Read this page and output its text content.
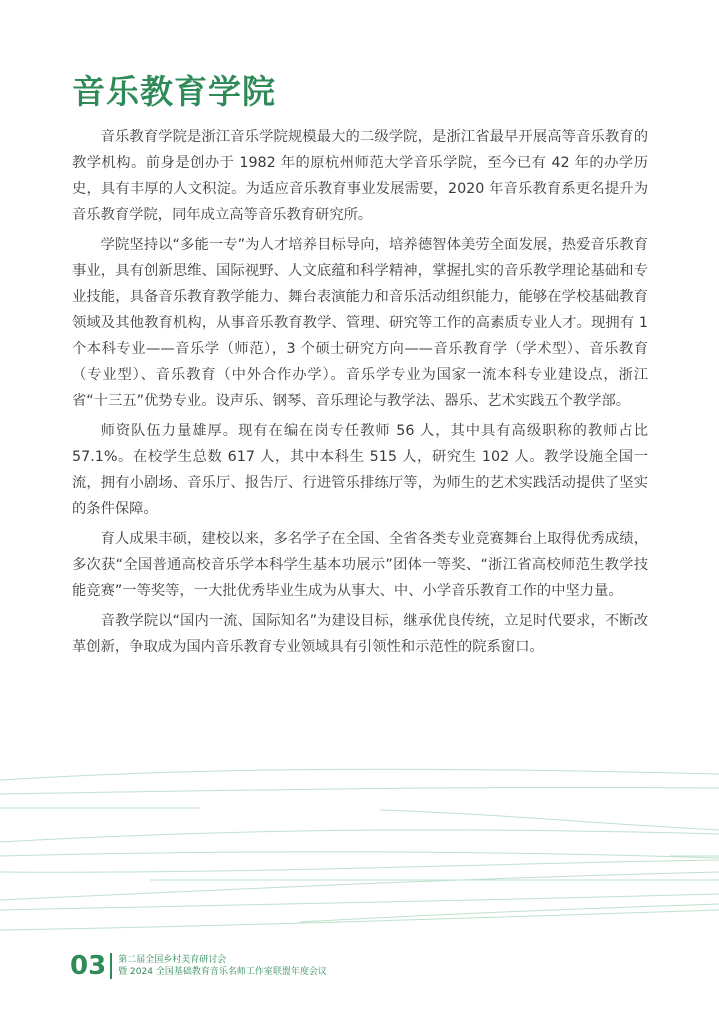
音乐教育学院

音乐教育学院是浙江音乐学院规模最大的二级学院，是浙江省最早开展高等音乐教育的教学机构。前身是创办于 1982 年的原杭州师范大学音乐学院，至今已有 42 年的办学历史，具有丰厚的人文积淀。为适应音乐教育事业发展需要，2020 年音乐教育系更名提升为音乐教育学院，同年成立高等音乐教育研究所。

学院坚持以“多能一专”为人才培养目标导向，培养德智体美劳全面发展，热爱音乐教育事业，具有创新思维、国际视野、人文底蕴和科学精神，掌握扎实的音乐教学理论基础和专业技能，具备音乐教育教学能力、舞台表演能力和音乐活动组织能力，能够在学校基础教育领域及其他教育机构，从事音乐教育教学、管理、研究等工作的高素质专业人才。现拥有 1 个本科专业——音乐学（师范），3 个硕士研究方向——音乐教育学（学术型）、音乐教育（专业型）、音乐教育（中外合作办学）。音乐学专业为国家一流本科专业建设点，浙江省“十三五”优势专业。设声乐、钢琴、音乐理论与教学法、器乐、艺术实践五个教学部。

师资队伍力量雄厚。现有在编在岗专任教师 56 人，其中具有高级职称的教师占比 57.1%。在校学生总数 617 人，其中本科生 515 人，研究生 102 人。教学设施全国一流，拥有小剧场、音乐厅、报告厅、行进管乐排练厅等，为师生的艺术实践活动提供了坚实的条件保障。

育人成果丰硕，建校以来，多名学子在全国、全省各类专业竞赛舞台上取得优秀成绩，多次获“全国普通高校音乐学本科学生基本功展示”团体一等奖、“浙江省高校师范生教学技能竞赛”一等奖等，一大批优秀毕业生成为从事大、中、小学音乐教育工作的中坚力量。

音教学院以“国内一流、国际知名”为建设目标，继承优良传统，立足时代要求，不断改革创新，争取成为国内音乐教育专业领域具有引领性和示范性的院系窗口。

03 第二届全国乡村美育研讨会
暨 2024 全国基础教育音乐名师工作室联盟年度会议
